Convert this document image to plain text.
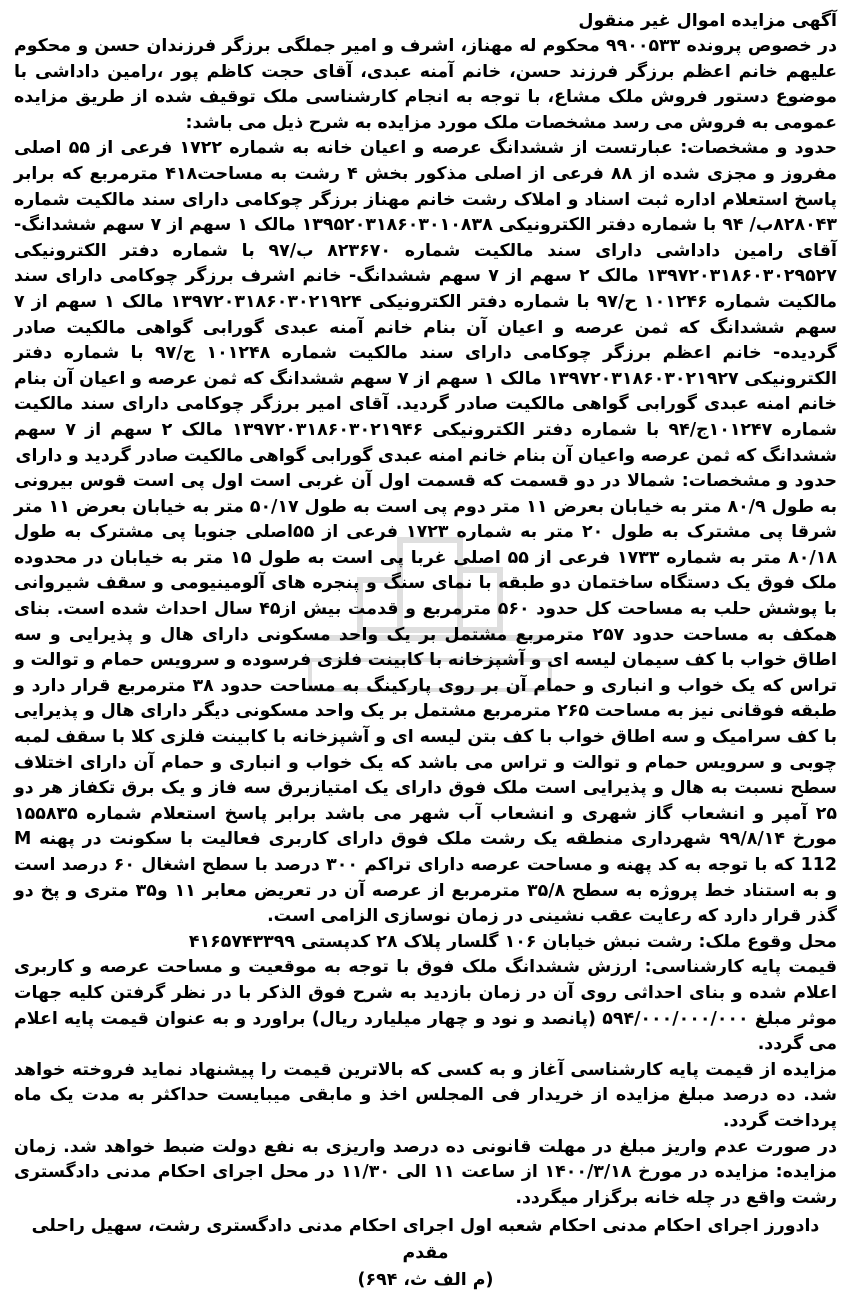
آگهی مزایده اموال غیر منقول

در خصوص پرونده ۹۹۰۰۵۳۳ محکوم له مهناز، اشرف و امیر جملگی برزگر فرزندان حسن و محکوم علیهم خانم اعظم برزگر فرزند حسن، خانم آمنه عبدی، آقای حجت کاظم پور ،رامین داداشی با موضوع دستور فروش ملک مشاع، با توجه به انجام کارشناسی ملک توقیف شده از طریق مزایده عمومی به فروش می رسد مشخصات ملک مورد مزایده به شرح ذیل می باشد:

حدود و مشخصات: عبارتست از ششدانگ عرصه و اعیان خانه به شماره ۱۷۲۲ فرعی از ۵۵ اصلی مفروز و مجزی شده از ۸۸ فرعی از اصلی مذکور بخش ۴ رشت به مساحت۴۱۸ مترمربع که برابر پاسخ استعلام اداره ثبت اسناد و املاک رشت خانم مهناز برزگر چوکامی دارای سند مالکیت شماره ۸۲۸۰۴۳ب/ ۹۴ با شماره دفتر الکترونیکی ۱۳۹۵۲۰۳۱۸۶۰۳۰۱۰۸۳۸ مالک ۱ سهم از ۷ سهم ششدانگ- آقای رامین داداشی دارای سند مالکیت شماره ۸۲۳۶۷۰ ب/۹۷ با شماره دفتر الکترونیکی ۱۳۹۷۲۰۳۱۸۶۰۳۰۲۹۵۲۷ مالک ۲ سهم از ۷ سهم ششدانگ- خانم اشرف برزگر چوکامی دارای سند مالکیت شماره ۱۰۱۲۴۶ ح/۹۷ با شماره دفتر الکترونیکی ۱۳۹۷۲۰۳۱۸۶۰۳۰۲۱۹۲۴ مالک ۱ سهم از ۷ سهم ششدانگ که ثمن عرصه و اعیان آن بنام خانم آمنه عبدی گورابی گواهی مالکیت صادر گردیده- خانم اعظم برزگر چوکامی دارای سند مالکیت شماره ۱۰۱۲۴۸ ج/۹۷ با شماره دفتر الکترونیکی ۱۳۹۷۲۰۳۱۸۶۰۳۰۲۱۹۲۷ مالک ۱ سهم از ۷ سهم ششدانگ که ثمن عرصه و اعیان آن بنام خانم امنه عبدی گورابی گواهی مالکیت صادر گردید. آقای امیر برزگر چوکامی دارای سند مالکیت شماره ۱۰۱۲۴۷ج/۹۴ با شماره دفتر الکترونیکی ۱۳۹۷۲۰۳۱۸۶۰۳۰۲۱۹۴۶ مالک ۲ سهم از ۷ سهم ششدانگ که ثمن عرصه واعیان آن بنام خانم امنه عبدی گورابی گواهی مالکیت صادر گردید و دارای

حدود و مشخصات: شمالا در دو قسمت که قسمت اول آن غربی است اول پی است قوس بیرونی به طول ۸۰/۹ متر به خیابان بعرض ۱۱ متر دوم پی است به طول ۵۰/۱۷ متر به خیابان بعرض ۱۱ متر شرقا پی مشترک به طول ۲۰ متر به شماره ۱۷۲۳ فرعی از ۵۵اصلی جنوبا پی مشترک به طول ۸۰/۱۸ متر به شماره ۱۷۳۳ فرعی از ۵۵ اصلی غربا پی است به طول ۱۵ متر به خیابان در محدوده ملک فوق یک دستگاه ساختمان دو طبقه با نمای سنگ و پنجره های آلومینیومی و سقف شیروانی با پوشش حلب به مساحت کل حدود ۵۶۰ مترمربع و قدمت بیش از۴۵ سال احداث شده است. بنای همکف به مساحت حدود ۲۵۷ مترمربع مشتمل بر یک واحد مسکونی دارای هال و پذیرایی و سه اطاق خواب با کف سیمان لیسه ای و آشپزخانه با کابینت فلزی فرسوده و سرویس حمام و توالت و تراس که یک خواب و انباری و حمام آن بر روی پارکینگ به مساحت حدود ۳۸ مترمربع قرار دارد و طبقه فوقانی نیز به مساحت ۲۶۵ مترمربع مشتمل بر یک واحد مسکونی دیگر دارای هال و پذیرایی با کف سرامیک و سه اطاق خواب با کف بتن لیسه ای و آشپزخانه با کابینت فلزی کلا با سقف لمبه چوبی و سرویس حمام و توالت و تراس می باشد که یک خواب و انباری و حمام آن دارای اختلاف سطح نسبت به هال و پذیرایی است ملک فوق دارای یک امتیازبرق سه فاز و یک برق تکفاز هر دو ۲۵ آمپر و انشعاب گاز شهری و انشعاب آب شهر می باشد برابر پاسخ استعلام شماره ۱۵۵۸۳۵ مورخ ۹۹/۸/۱۴ شهرداری منطقه یک رشت ملک فوق دارای کاربری فعالیت با سکونت در پهنه M 112 که با توجه به کد پهنه و مساحت عرصه دارای تراکم ۳۰۰ درصد با سطح اشغال ۶۰ درصد است و به استناد خط پروژه به سطح ۳۵/۸ مترمربع از عرصه آن در تعریض معابر ۱۱ و۳۵ متری و پخ دو گذر قرار دارد که رعایت عقب نشینی در زمان نوسازی الزامی است.

محل وقوع ملک: رشت نبش خیابان ۱۰۶ گلسار پلاک ۲۸ کدپستی ۴۱۶۵۷۴۳۳۹۹

قیمت پایه کارشناسی: ارزش ششدانگ ملک فوق با توجه به موقعیت و مساحت عرصه و کاربری اعلام شده و بنای احداثی روی آن در زمان بازدید به شرح فوق الذکر با در نظر گرفتن کلیه جهات موثر مبلغ ۵۹۴/۰۰۰/۰۰۰/۰۰۰ (پانصد و نود و چهار میلیارد ریال) براورد و به عنوان قیمت پایه اعلام می گردد.

مزایده از قیمت پایه کارشناسی آغاز و به کسی که بالاترین قیمت را پیشنهاد نماید فروخته خواهد شد. ده درصد مبلغ مزایده از خریدار فی المجلس اخذ و مابقی میبایست حداکثر به مدت یک ماه پرداخت گردد.

در صورت عدم واریز مبلغ در مهلت قانونی ده درصد واریزی به نفع دولت ضبط خواهد شد. زمان مزایده: مزایده در مورخ ۱۴۰۰/۳/۱۸ از ساعت ۱۱ الی ۱۱/۳۰ در محل اجرای احکام مدنی دادگستری رشت واقع در چله خانه برگزار میگردد.

دادورز اجرای احکام مدنی احکام شعبه اول اجرای احکام مدنی دادگستری رشت، سهیل راحلی مقدم

(م الف ث، ۶۹۴)
